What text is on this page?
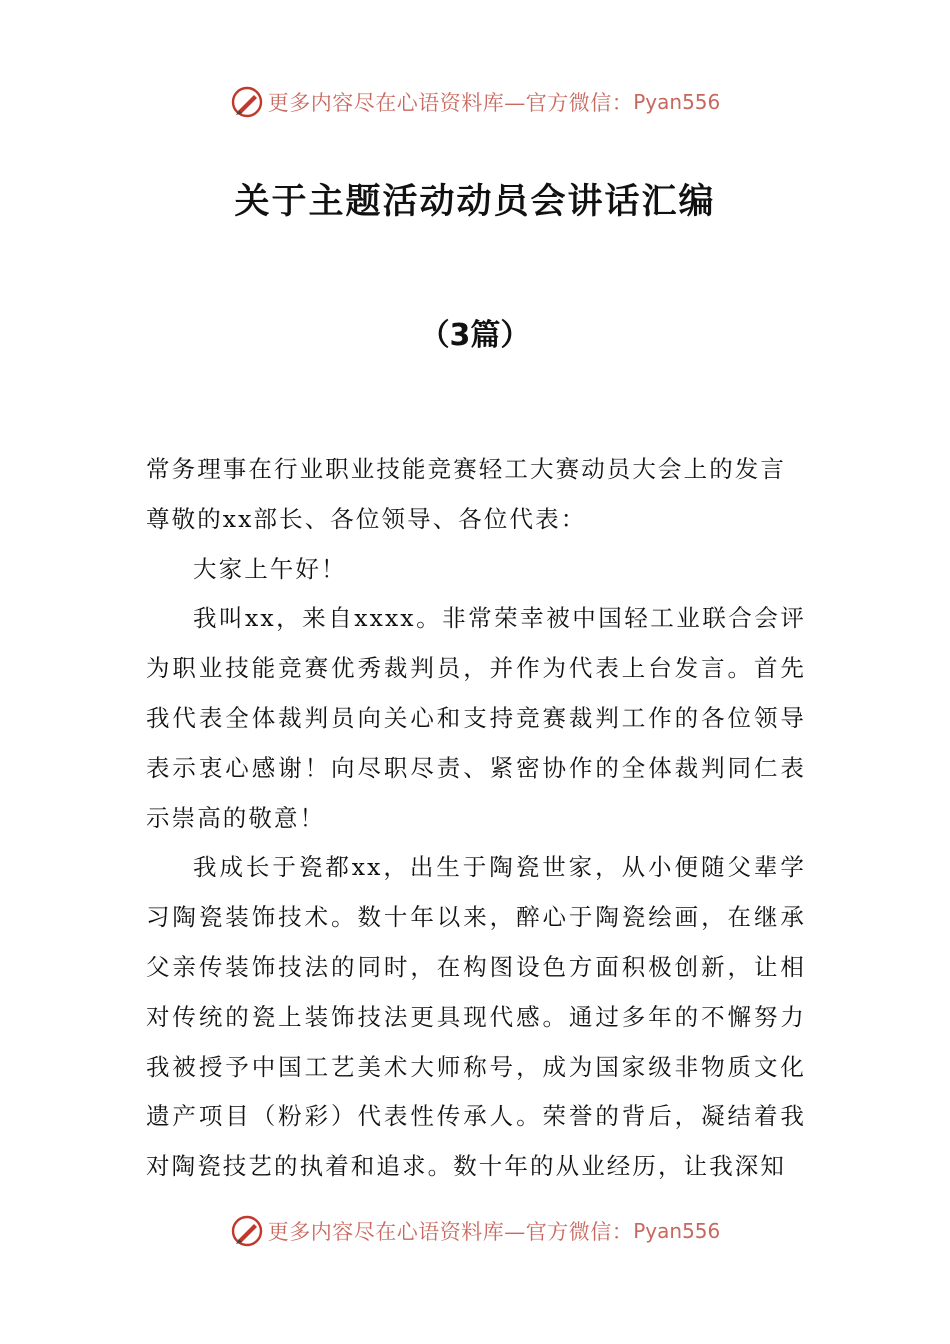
更多内容尽在心语资料库—官方微信： Pyan556
关于主题活动动员会讲话汇编
（3篇）

常务理事在行业职业技能竞赛轻工大赛动员大会上的发言

尊敬的xx部长、各位领导、各位代表：

大家上午好！

我叫xx，来自xxxx。非常荣幸被中国轻工业联合会评为职业技能竞赛优秀裁判员，并作为代表上台发言。首先我代表全体裁判员向关心和支持竞赛裁判工作的各位领导表示衷心感谢！向尽职尽责、紧密协作的全体裁判同仁表示崇高的敬意！

我成长于瓷都xx，出生于陶瓷世家，从小便随父辈学习陶瓷装饰技术。数十年以来，醉心于陶瓷绘画，在继承父亲传装饰技法的同时，在构图设色方面积极创新，让相对传统的瓷上装饰技法更具现代感。通过多年的不懈努力我被授予中国工艺美术大师称号，成为国家级非物质文化遗产项目（粉彩）代表性传承人。荣誉的背后，凝结着我对陶瓷技艺的执着和追求。数十年的从业经历，让我深知

更多内容尽在心语资料库—官方微信： Pyan556
